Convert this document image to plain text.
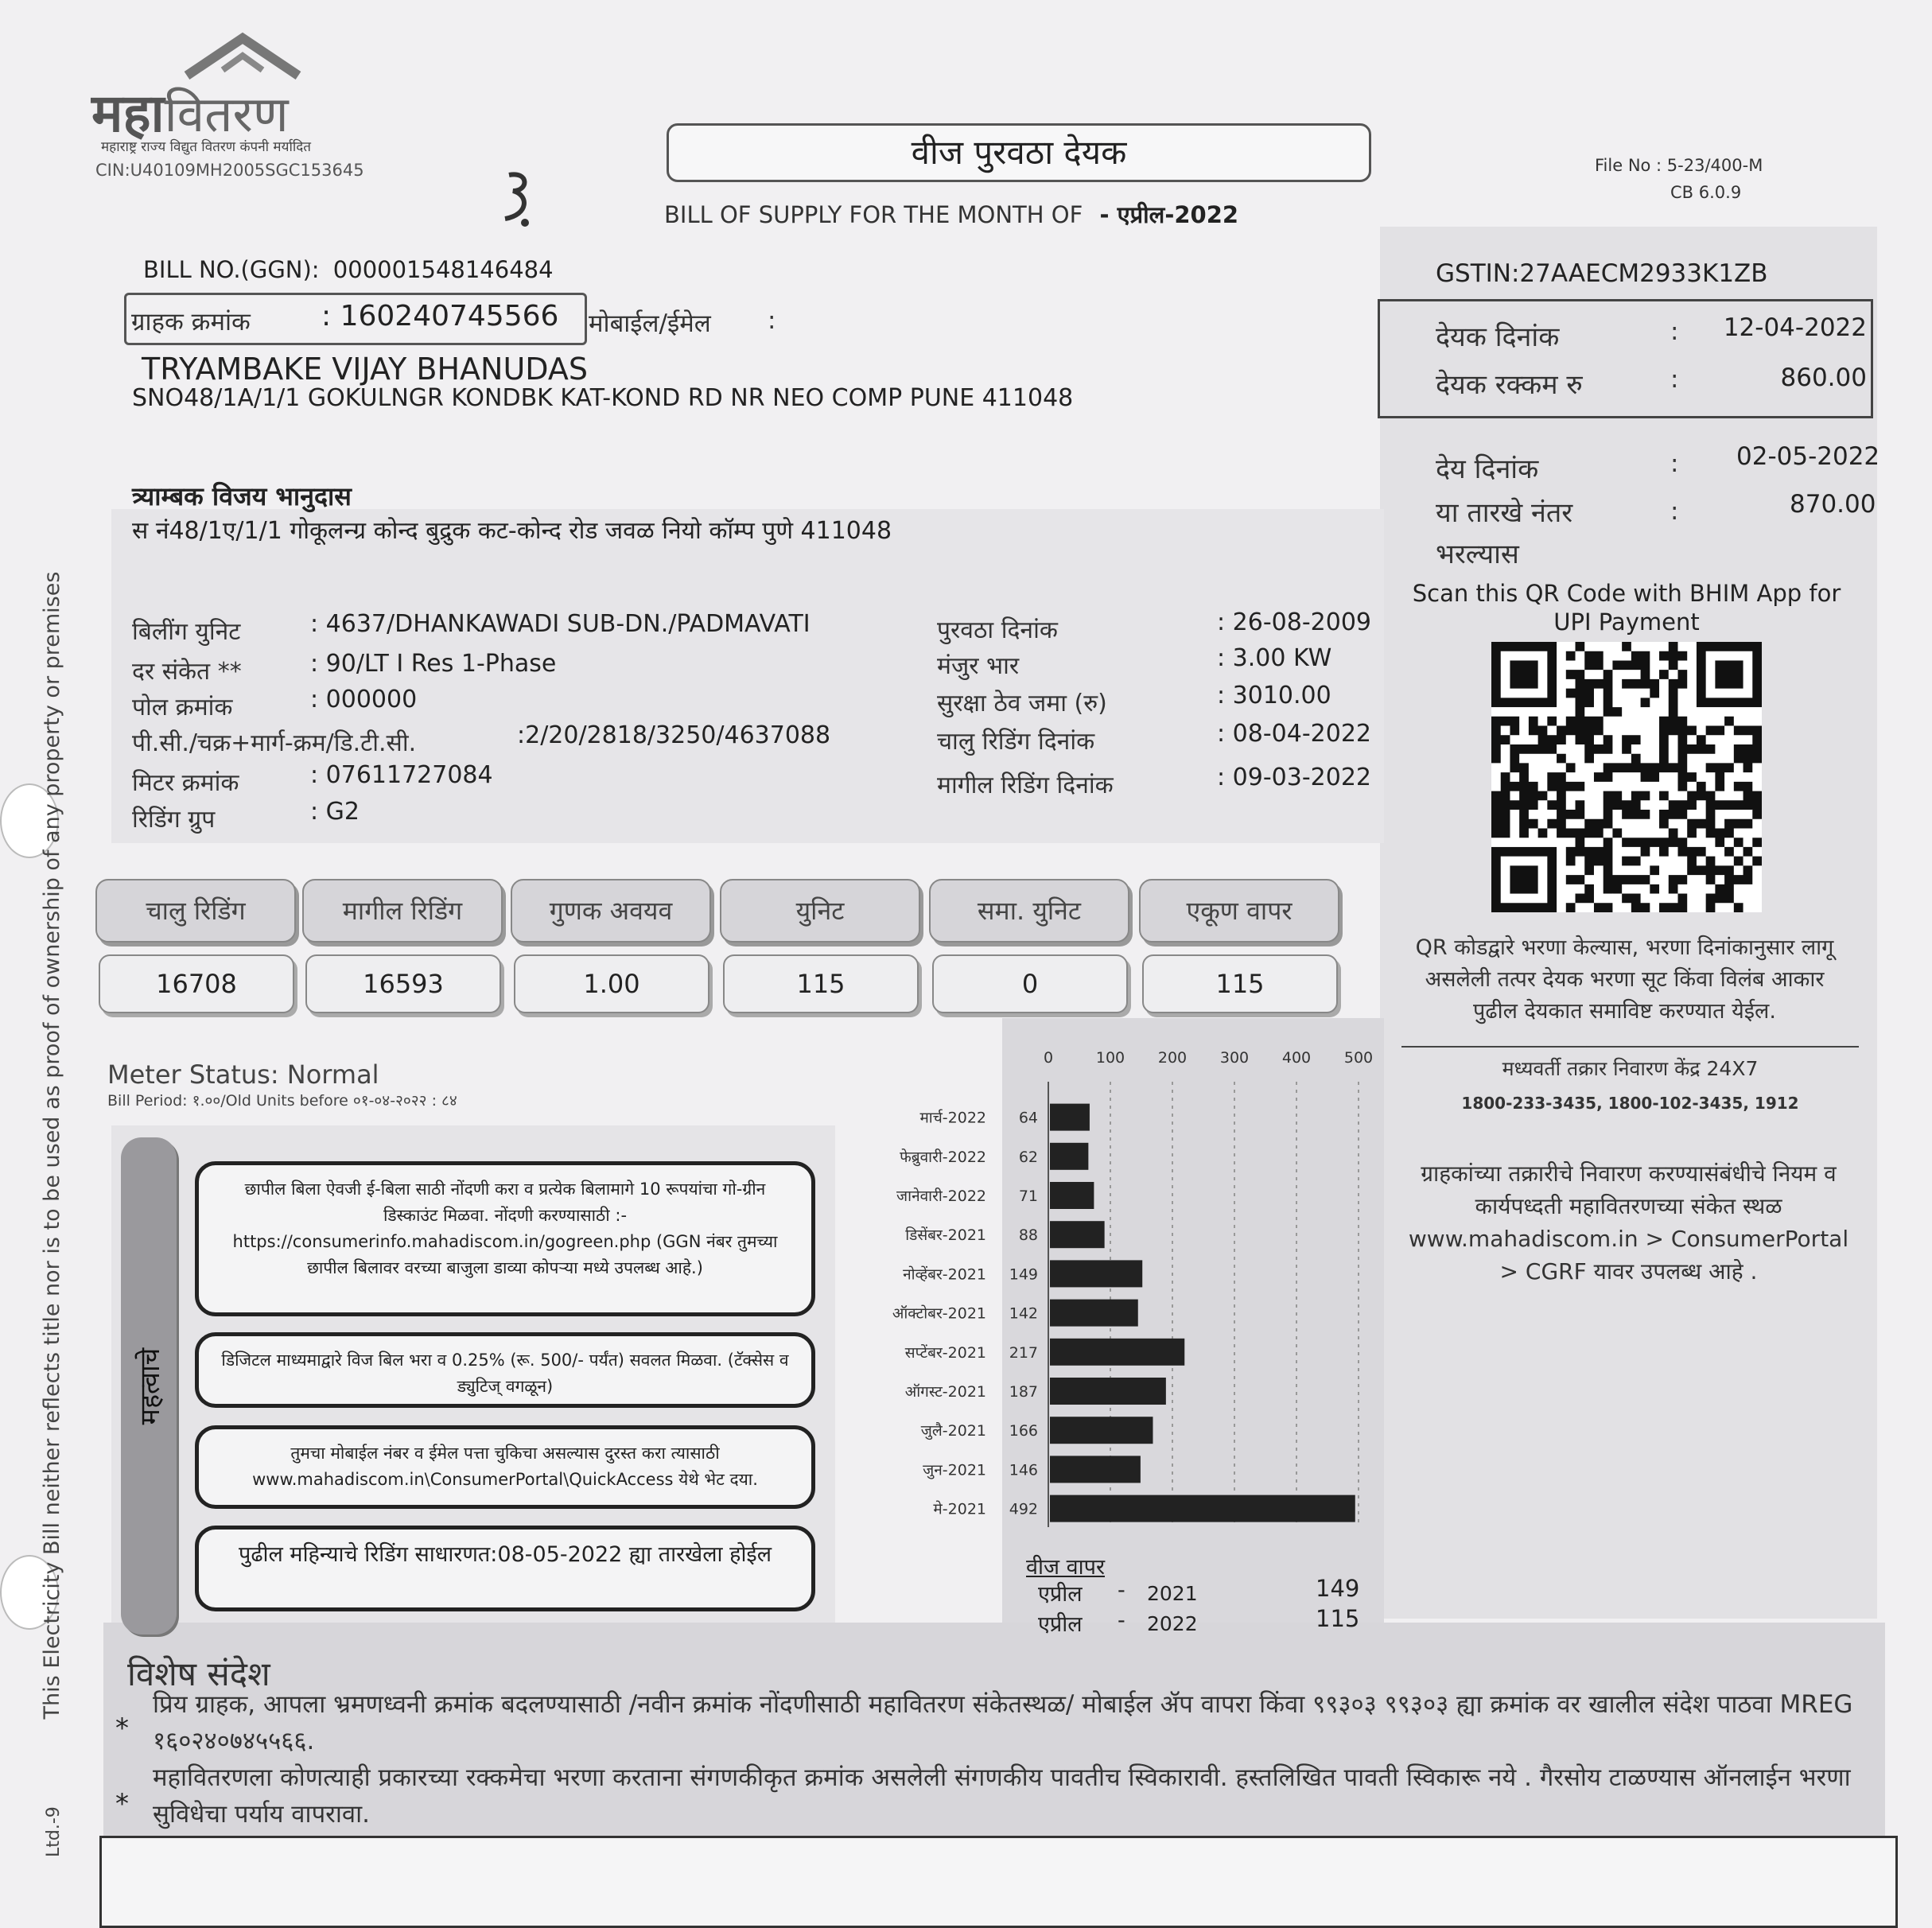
This Electricity Bill neither reflects title nor is to be used as proof of ownership of any property or premises
Ltd.-9
महावितरण
महाराष्ट्र राज्य विद्युत वितरण कंपनी मर्यादित
CIN:U40109MH2005SGC153645	वीज पुरवठा देयक
BILL OF SUPPLY FOR THE MONTH OF - एप्रील-2022
File No : 5-23/400-M
CB 6.0.9
BILL NO.(GGN): 000001548146484
ग्राहक क्रमांक : 160240745566 मोबाईल/ईमेल :
TRYAMBAKE VIJAY BHANUDAS
SNO48/1A/1/1 GOKULNGR KONDBK KAT-KOND RD NR NEO COMP PUNE 411048
त्र्याम्बक विजय भानुदास
स नं48/1ए/1/1 गोकूलन्ग्र कोन्द बुद्रुक कट-कोन्द रोड जवळ नियो कॉम्प पुणे 411048
बिलींग युनिट	: 4637/DHANKAWADI SUB-DN./PADMAVATI
दर संकेत **	: 90/LT I Res 1-Phase
पोल क्रमांक	: 000000
पी.सी./चक्र+मार्ग-क्रम/डि.टी.सी.	:2/20/2818/3250/4637088
मिटर क्रमांक	: 07611727084
रिडिंग ग्रुप	: G2
पुरवठा दिनांक	: 26-08-2009
मंजुर भार	: 3.00 KW
सुरक्षा ठेव जमा (रु)	: 3010.00
चालु रिडिंग दिनांक	: 08-04-2022
मागील रिडिंग दिनांक	: 09-03-2022
GSTIN:27AAECM2933K1ZB
देयक दिनांक	: 12-04-2022
देयक रक्कम रु	:	860.00
देय दिनांक	: 02-05-2022
या तारखे नंतर	:	870.00
भरल्यास
Scan this QR Code with BHIM App for UPI Payment
QR कोडद्वारे भरणा केल्यास, भरणा दिनांकानुसार लागू असलेली तत्पर देयक भरणा सूट किंवा विलंब आकार पुढील देयकात समाविष्ट करण्यात येईल.
मध्यवर्ती तक्रार निवारण केंद्र 24X7
1800-233-3435, 1800-102-3435, 1912
ग्राहकांच्या तक्रारीचे निवारण करण्यासंबंधीचे नियम व कार्यपध्दती महावितरणच्या संकेत स्थळ www.mahadiscom.in > ConsumerPortal > CGRF यावर उपलब्ध आहे .
चालु रिडिंग	मागील रिडिंग	गुणक अवयव	युनिट	समा. युनिट	एकूण वापर
16708	16593	1.00	115	0	115
Meter Status: Normal
Bill Period: १.००/Old Units before ०१-०४-२०२२ : ८४
महत्वाचे
छापील बिला ऐवजी ई-बिला साठी नोंदणी करा व प्रत्येक बिलामागे 10 रूपयांचा गो-ग्रीन डिस्काउंट मिळवा. नोंदणी करण्यासाठी :- https://consumerinfo.mahadiscom.in/gogreen.php (GGN नंबर तुमच्या छापील बिलावर वरच्या बाजुला डाव्या कोपऱ्या मध्ये उपलब्ध आहे.)
डिजिटल माध्यमाद्वारे विज बिल भरा व 0.25% (रू. 500/- पर्यंत) सवलत मिळवा. (टॅक्सेस व ड्युटिज् वगळून)
तुमचा मोबाईल नंबर व ईमेल पत्ता चुकिचा असल्यास दुरस्त करा त्यासाठी www.mahadiscom.in\ConsumerPortal\QuickAccess येथे भेट दया.
पुढील महिन्याचे रिडिंग साधारणत:08-05-2022 ह्या तारखेला होईल
0	100 200 300 400 500
मार्च-2022 64
फेब्रुवारी-2022 62
जानेवारी-2022 71
डिसेंबर-2021 88
नोव्हेंबर-2021 149
ऑक्टोबर-2021 142
सप्टेंबर-2021 217
ऑगस्ट-2021 187
जुलै-2021 166
जुन-2021 146
मे-2021 492
वीज वापर
एप्रील - 2021	149
एप्रील - 2022	115
विशेष संदेश
*
प्रिय ग्राहक, आपला भ्रमणध्वनी क्रमांक बदलण्यासाठी /नवीन क्रमांक नोंदणीसाठी महावितरण संकेतस्थळ/ मोबाईल ॲप वापरा किंवा ९९३०३ ९९३०३ ह्या क्रमांक वर खालील संदेश पाठवा MREG १६०२४०७४५५६६.
*
महावितरणला कोणत्याही प्रकारच्या रक्कमेचा भरणा करताना संगणकीकृत क्रमांक असलेली संगणकीय पावतीच स्विकारावी. हस्तलिखित पावती स्विकारू नये . गैरसोय टाळण्यास ऑनलाईन भरणा सुविधेचा पर्याय वापरावा.
